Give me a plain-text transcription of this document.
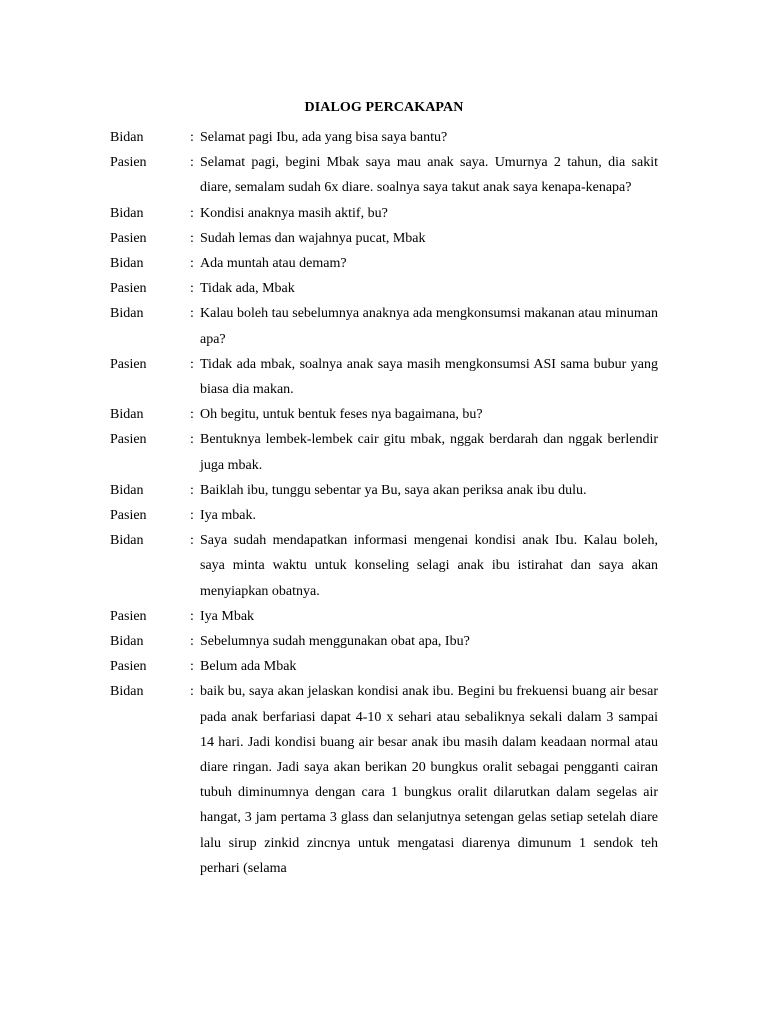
DIALOG PERCAKAPAN
Bidan	: Selamat pagi Ibu, ada yang bisa saya bantu?
Pasien	: Selamat pagi, begini Mbak saya mau anak saya. Umurnya 2 tahun, dia sakit diare, semalam sudah 6x diare. soalnya saya takut anak saya kenapa-kenapa?
Bidan	: Kondisi anaknya masih aktif, bu?
Pasien	: Sudah lemas dan wajahnya pucat, Mbak
Bidan	: Ada muntah atau demam?
Pasien	: Tidak ada, Mbak
Bidan	: Kalau boleh tau sebelumnya anaknya ada mengkonsumsi makanan atau minuman apa?
Pasien	: Tidak ada mbak, soalnya anak saya masih mengkonsumsi ASI sama bubur yang biasa dia makan.
Bidan	: Oh begitu, untuk bentuk feses nya bagaimana, bu?
Pasien	: Bentuknya lembek-lembek cair gitu mbak, nggak berdarah dan nggak berlendir juga mbak.
Bidan	: Baiklah ibu, tunggu sebentar ya Bu, saya akan periksa anak ibu dulu.
Pasien	: Iya mbak.
Bidan	: Saya sudah mendapatkan informasi mengenai kondisi anak Ibu. Kalau boleh, saya minta waktu untuk konseling selagi anak ibu istirahat dan saya akan menyiapkan obatnya.
Pasien	: Iya Mbak
Bidan	: Sebelumnya sudah menggunakan obat apa, Ibu?
Pasien	: Belum ada Mbak
Bidan	: baik bu, saya akan jelaskan kondisi anak ibu. Begini bu frekuensi buang air besar pada anak berfariasi dapat 4-10 x sehari atau sebaliknya sekali dalam 3 sampai 14 hari. Jadi kondisi buang air besar anak ibu masih dalam keadaan normal atau diare ringan. Jadi saya akan berikan 20 bungkus oralit sebagai pengganti cairan tubuh diminumnya dengan cara 1 bungkus oralit dilarutkan dalam segelas air hangat, 3 jam pertama 3 glass dan selanjutnya setengan gelas setiap setelah diare lalu sirup zinkid zincnya untuk mengatasi diarenya dimunum 1 sendok teh perhari (selama
